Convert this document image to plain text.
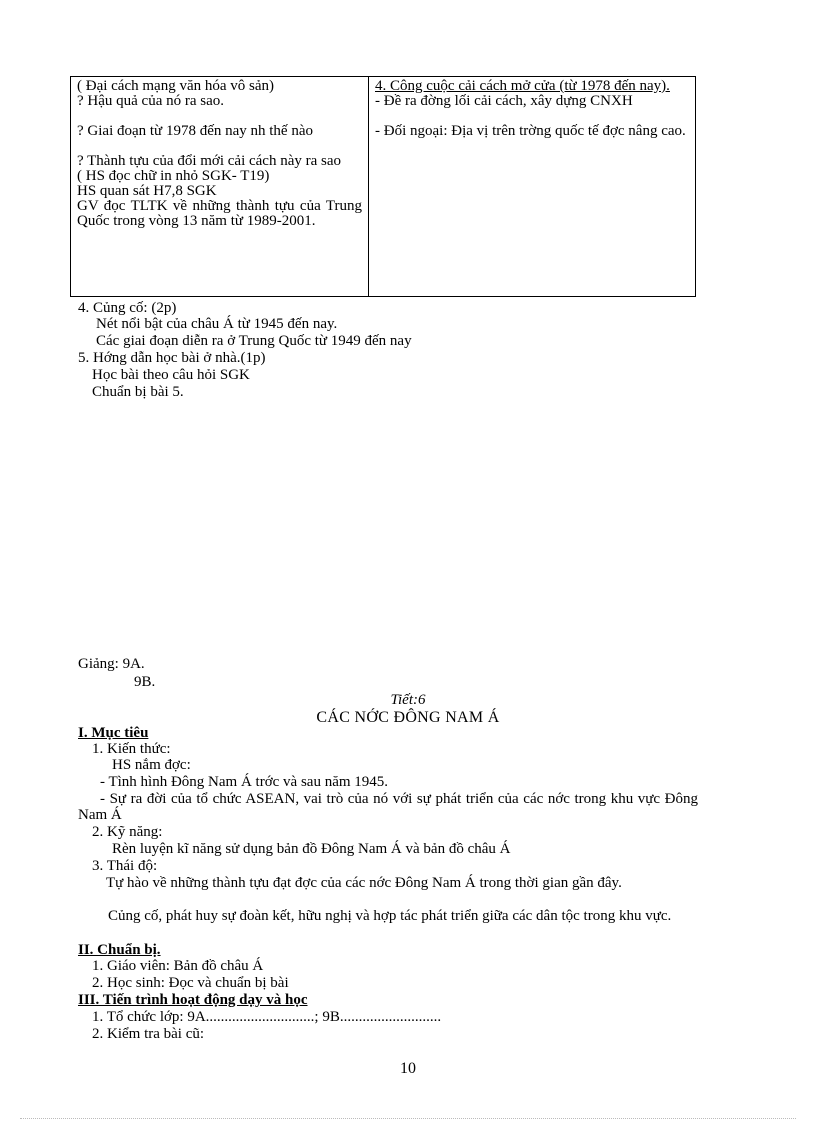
( Đại cách mạng văn hóa vô sản)

? Hậu quả của nó ra sao.

? Giai đoạn từ 1978 đến nay nh thế nào

? Thành tựu của đổi mới cải cách này ra sao

( HS đọc chữ in nhỏ SGK- T19)

HS quan sát H7,8 SGK

GV đọc TLTK về những thành tựu của Trung Quốc trong vòng 13 năm từ 1989-2001.

4. Công cuộc cải cách mở cửa (từ 1978 đến nay).

- Đề ra đờng lối cải cách, xây dựng CNXH

- Đối ngoại: Địa vị trên trờng quốc tế đợc nâng cao.

4. Củng cố: (2p)
Nét nổi bật của châu Á từ 1945 đến nay.
Các giai đoạn diễn ra ở Trung Quốc từ 1949 đến nay
5. Hớng dẫn học bài ở nhà.(1p)
Học bài theo câu hỏi SGK
Chuẩn bị bài 5.
Giảng: 9A.
9B.
Tiết:6
CÁC NỚC ĐÔNG NAM Á
I. Mục tiêu
1. Kiến thức:
HS nắm đợc:
- Tình hình Đông Nam Á trớc và sau năm 1945.
- Sự ra đời của tổ chức ASEAN, vai trò của nó với sự phát triển của các nớc trong khu vực Đông Nam Á
2. Kỹ năng:
Rèn luyện kĩ năng sử dụng bản đồ Đông Nam Á và bản đồ châu Á
3. Thái độ:
Tự hào về những thành tựu đạt đợc của các nớc Đông Nam Á trong thời gian gần đây.
Củng cố, phát huy sự đoàn kết, hữu nghị và hợp tác phát triển giữa các dân tộc trong khu vực.
II. Chuẩn bị.
1. Giáo viên: Bản đồ châu Á
2. Học sinh: Đọc và chuẩn bị bài
III. Tiến trình hoạt động dạy và học
1. Tổ chức lớp: 9A.............................; 9B...........................
2. Kiểm tra bài cũ:
10
